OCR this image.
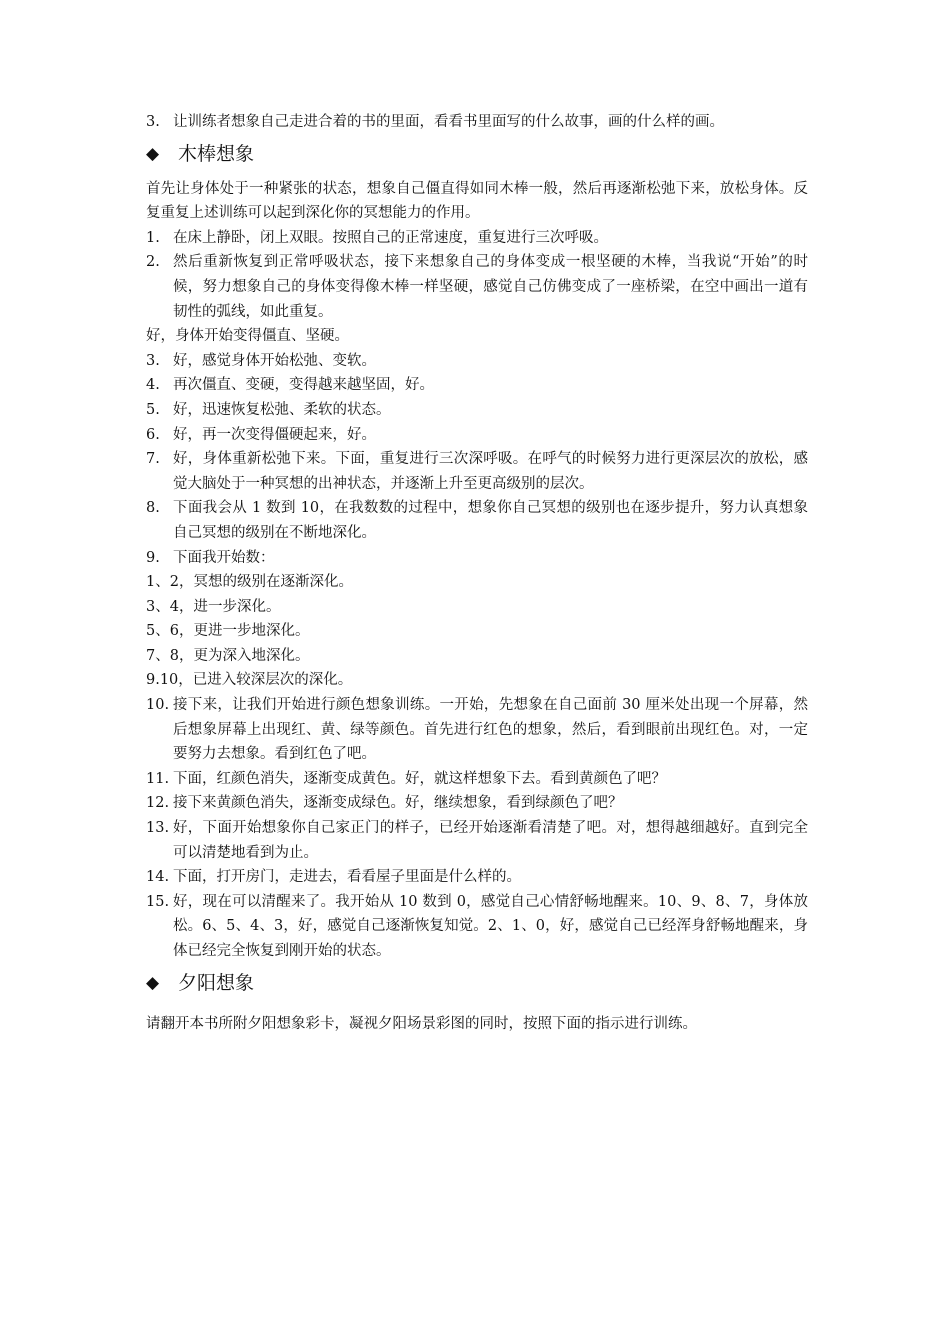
3. 让训练者想象自己走进合着的书的里面，看看书里面写的什么故事，画的什么样的画。
◆ 木棒想象
首先让身体处于一种紧张的状态，想象自己僵直得如同木棒一般，然后再逐渐松弛下来，放松身体。反复重复上述训练可以起到深化你的冥想能力的作用。
1. 在床上静卧，闭上双眼。按照自己的正常速度，重复进行三次呼吸。
2. 然后重新恢复到正常呼吸状态，接下来想象自己的身体变成一根坚硬的木棒，当我说“开始”的时候，努力想象自己的身体变得像木棒一样坚硬，感觉自己仿佛变成了一座桥梁，在空中画出一道有韧性的弧线，如此重复。
好，身体开始变得僵直、坚硬。
3. 好，感觉身体开始松弛、变软。
4. 再次僵直、变硬，变得越来越坚固，好。
5. 好，迅速恢复松弛、柔软的状态。
6. 好，再一次变得僵硬起来，好。
7. 好，身体重新松弛下来。下面，重复进行三次深呼吸。在呼气的时候努力进行更深层次的放松，感觉大脑处于一种冥想的出神状态，并逐渐上升至更高级别的层次。
8. 下面我会从 1 数到 10，在我数数的过程中，想象你自己冥想的级别也在逐步提升，努力认真想象自己冥想的级别在不断地深化。
9. 下面我开始数：
1、2，冥想的级别在逐渐深化。
3、4，进一步深化。
5、6，更进一步地深化。
7、8，更为深入地深化。
9.10，已进入较深层次的深化。
10. 接下来，让我们开始进行颜色想象训练。一开始，先想象在自己面前 30 厘米处出现一个屏幕，然后想象屏幕上出现红、黄、绿等颜色。首先进行红色的想象，然后，看到眼前出现红色。对，一定要努力去想象。看到红色了吧。
11. 下面，红颜色消失，逐渐变成黄色。好，就这样想象下去。看到黄颜色了吧？
12. 接下来黄颜色消失，逐渐变成绿色。好，继续想象，看到绿颜色了吧？
13. 好，下面开始想象你自己家正门的样子，已经开始逐渐看清楚了吧。对，想得越细越好。直到完全可以清楚地看到为止。
14. 下面，打开房门，走进去，看看屋子里面是什么样的。
15. 好，现在可以清醒来了。我开始从 10 数到 0，感觉自己心情舒畅地醒来。10、9、8、7，身体放松。6、5、4、3，好，感觉自己逐渐恢复知觉。2、1、0，好，感觉自己已经浑身舒畅地醒来，身体已经完全恢复到刚开始的状态。
◆ 夕阳想象
请翻开本书所附夕阳想象彩卡，凝视夕阳场景彩图的同时，按照下面的指示进行训练。
